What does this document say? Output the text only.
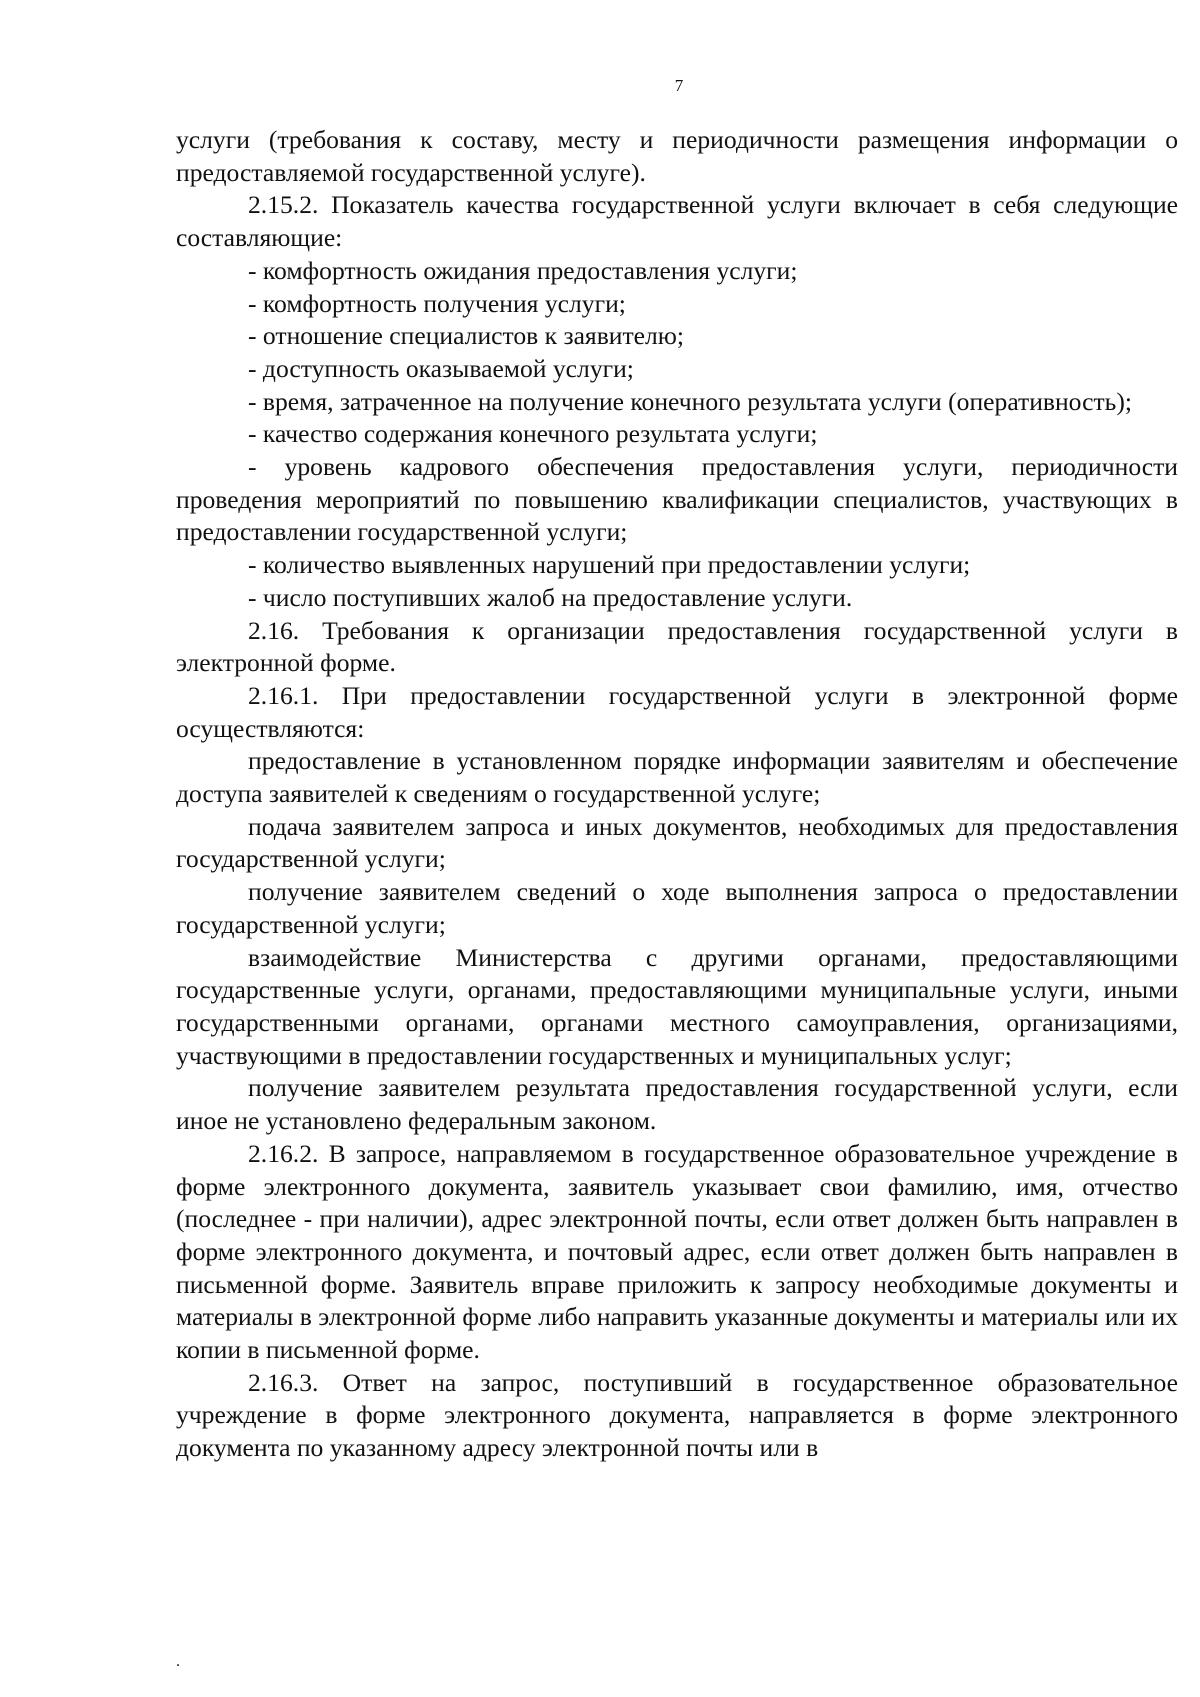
7

услуги (требования к составу, месту и периодичности размещения информации о предоставляемой государственной услуге).

2.15.2. Показатель качества государственной услуги включает в себя следующие составляющие:

- комфортность ожидания предоставления услуги;

- комфортность получения услуги;

- отношение специалистов к заявителю;

- доступность оказываемой услуги;

- время, затраченное на получение конечного результата услуги (оперативность);

- качество содержания конечного результата услуги;

- уровень кадрового обеспечения предоставления услуги, периодичности проведения мероприятий по повышению квалификации специалистов, участвующих в предоставлении государственной услуги;

- количество выявленных нарушений при предоставлении услуги;

- число поступивших жалоб на предоставление услуги.

2.16. Требования к организации предоставления государственной услуги в электронной форме.

2.16.1. При предоставлении государственной услуги в электронной форме осуществляются:

предоставление в установленном порядке информации заявителям и обеспечение доступа заявителей к сведениям о государственной услуге;

подача заявителем запроса и иных документов, необходимых для предоставления государственной услуги;

получение заявителем сведений о ходе выполнения запроса о предоставлении государственной услуги;

взаимодействие Министерства с другими органами, предоставляющими государственные услуги, органами, предоставляющими муниципальные услуги, иными государственными органами, органами местного самоуправления, организациями, участвующими в предоставлении государственных и муниципальных услуг;

получение заявителем результата предоставления государственной услуги, если иное не установлено федеральным законом.

2.16.2. В запросе, направляемом в государственное образовательное учреждение в форме электронного документа, заявитель указывает свои фамилию, имя, отчество (последнее - при наличии), адрес электронной почты, если ответ должен быть направлен в форме электронного документа, и почтовый адрес, если ответ должен быть направлен в письменной форме. Заявитель вправе приложить к запросу необходимые документы и материалы в электронной форме либо направить указанные документы и материалы или их копии в письменной форме.

2.16.3. Ответ на запрос, поступивший в государственное образовательное учреждение в форме электронного документа, направляется в форме электронного документа по указанному адресу электронной почты или в

.
